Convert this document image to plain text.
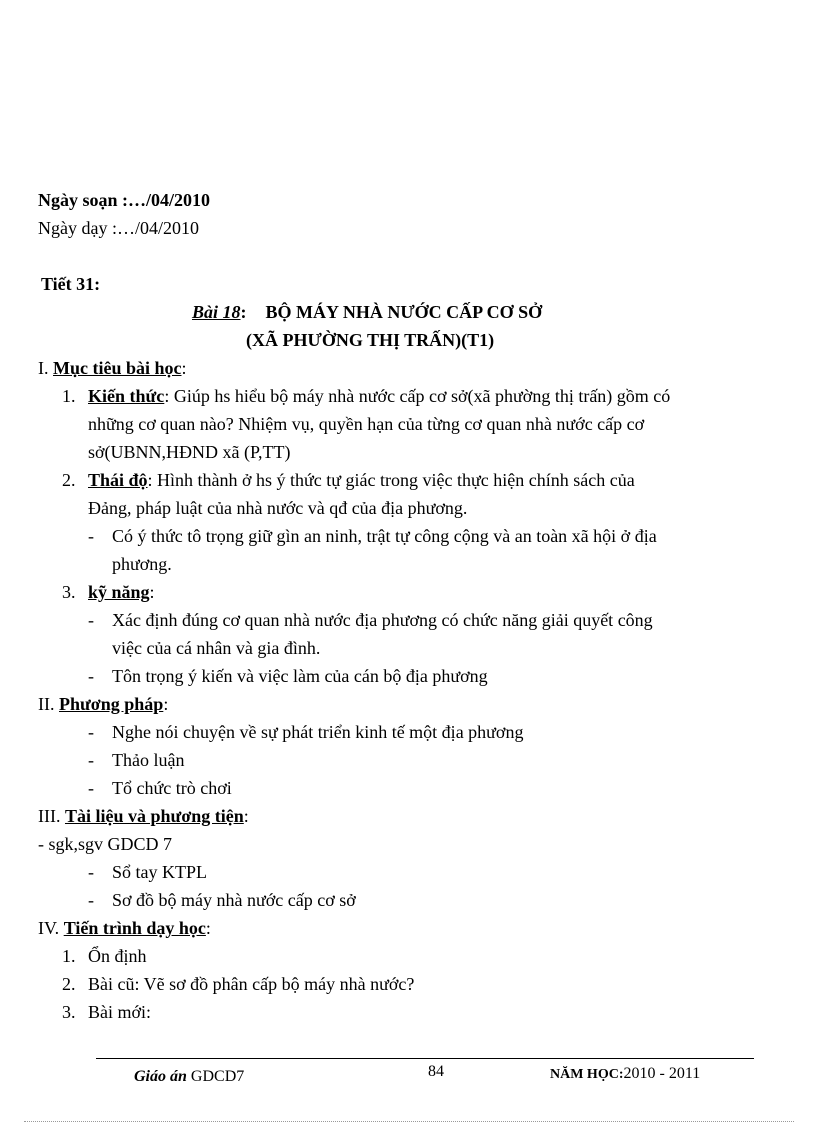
Ngày soạn :…/04/2010
Ngày dạy :…/04/2010
Tiết 31:
Bài 18: BỘ MÁY NHÀ NƯỚC CẤP CƠ SỞ
(XÃ PHƯỜNG THỊ TRẤN)(T1)
I. Mục tiêu bài học:
1. Kiến thức: Giúp hs hiểu bộ máy nhà nước cấp cơ sở(xã phường thị trấn) gồm có
những cơ quan nào? Nhiệm vụ, quyền hạn của từng cơ quan nhà nước cấp cơ
sở(UBNN,HĐND xã (P,TT)
2. Thái độ: Hình thành ở hs ý thức tự giác trong việc thực hiện chính sách của
Đảng, pháp luật của nhà nước và qđ của địa phương.
- Có ý thức tô trọng giữ gìn an ninh, trật tự công cộng và an toàn xã hội ở địa
phương.
3. kỹ năng:
- Xác định đúng cơ quan nhà nước địa phương có chức năng giải quyết công
việc của cá nhân và gia đình.
- Tôn trọng ý kiến và việc làm của cán bộ địa phương
II. Phương pháp:
- Nghe nói chuyện về sự phát triển kinh tế một địa phương
- Thảo luận
- Tổ chức trò chơi
III. Tài liệu và phương tiện:
- sgk,sgv GDCD 7
- Sổ tay KTPL
- Sơ đồ bộ máy nhà nước cấp cơ sở
IV. Tiến trình dạy học:
1. Ổn định
2. Bài cũ: Vẽ sơ đồ phân cấp bộ máy nhà nước?
3. Bài mới:
Giáo án GDCD7	84	NĂM HỌC:2010 - 2011
